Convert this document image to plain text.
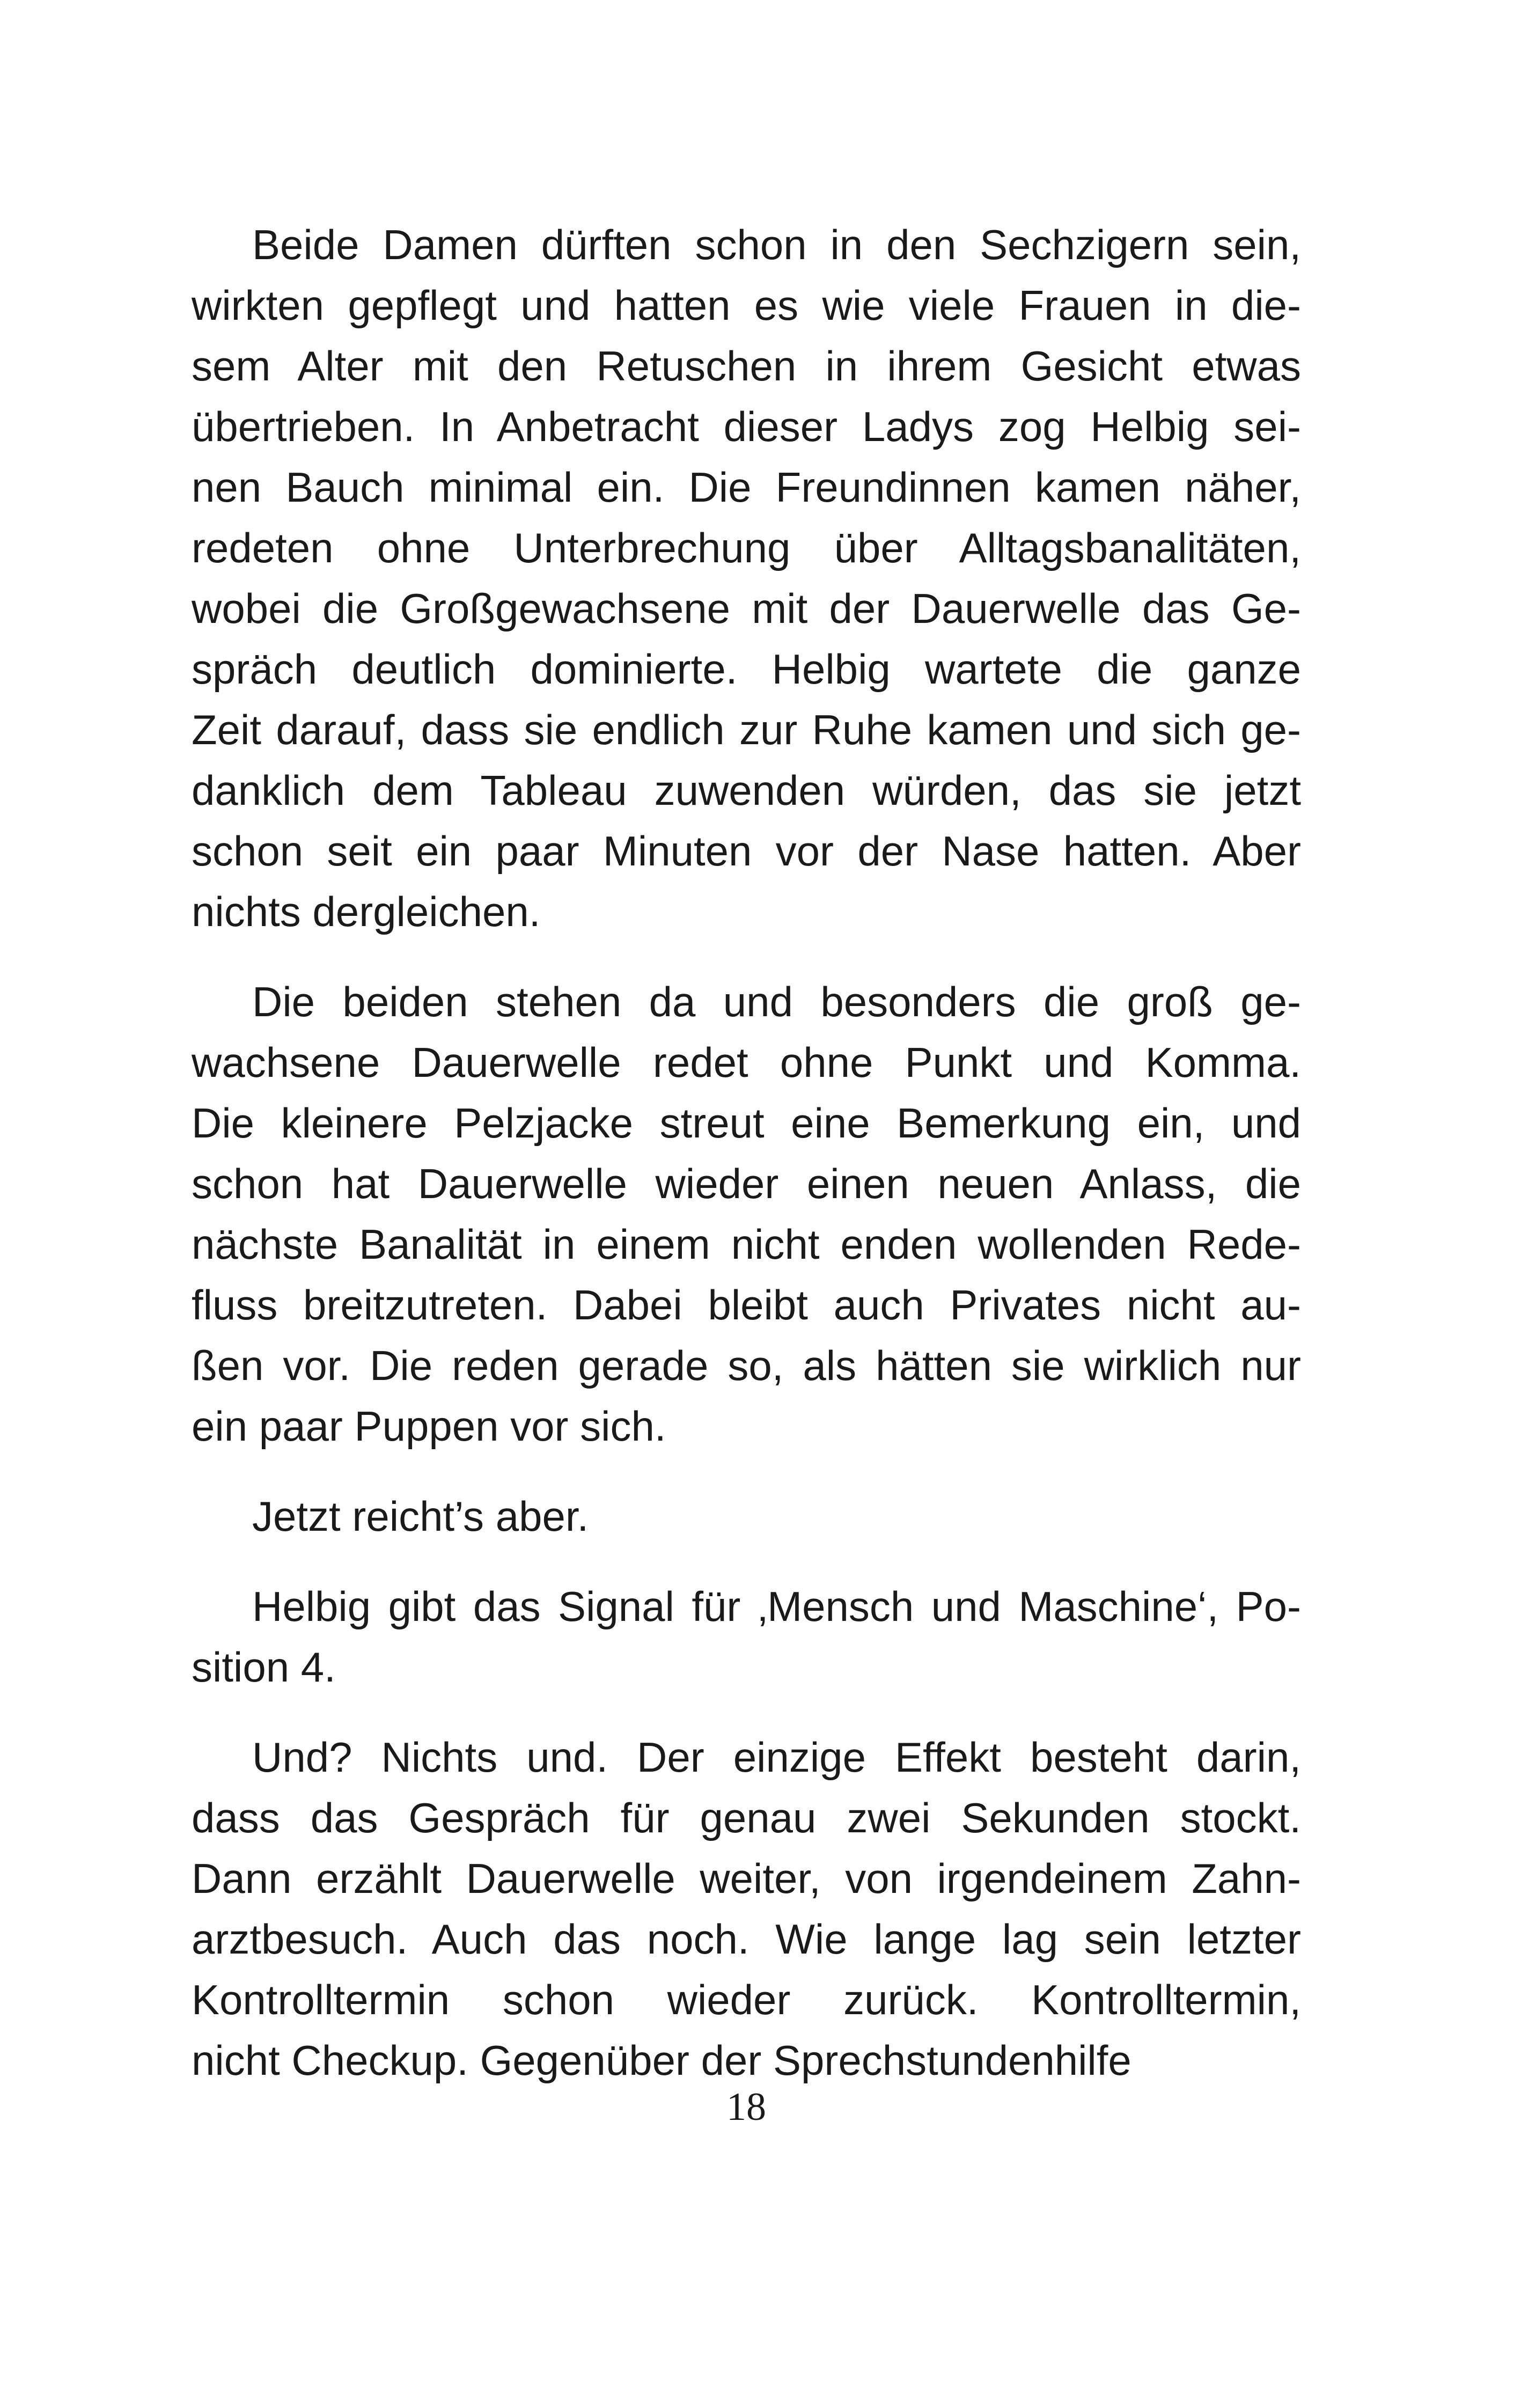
Beide Damen dürften schon in den Sechzigern sein,
wirkten gepflegt und hatten es wie viele Frauen in die-
sem Alter mit den Retuschen in ihrem Gesicht etwas
übertrieben. In Anbetracht dieser Ladys zog Helbig sei-
nen Bauch minimal ein. Die Freundinnen kamen näher,
redeten ohne Unterbrechung über Alltagsbanalitäten,
wobei die Großgewachsene mit der Dauerwelle das Ge-
spräch deutlich dominierte. Helbig wartete die ganze
Zeit darauf, dass sie endlich zur Ruhe kamen und sich ge-
danklich dem Tableau zuwenden würden, das sie jetzt
schon seit ein paar Minuten vor der Nase hatten. Aber
nichts dergleichen.
Die beiden stehen da und besonders die groß ge-
wachsene Dauerwelle redet ohne Punkt und Komma.
Die kleinere Pelzjacke streut eine Bemerkung ein, und
schon hat Dauerwelle wieder einen neuen Anlass, die
nächste Banalität in einem nicht enden wollenden Rede-
fluss breitzutreten. Dabei bleibt auch Privates nicht au-
ßen vor. Die reden gerade so, als hätten sie wirklich nur
ein paar Puppen vor sich.
Jetzt reicht’s aber.
Helbig gibt das Signal für ‚Mensch und Maschine‘, Po-
sition 4.
Und? Nichts und. Der einzige Effekt besteht darin,
dass das Gespräch für genau zwei Sekunden stockt.
Dann erzählt Dauerwelle weiter, von irgendeinem Zahn-
arztbesuch. Auch das noch. Wie lange lag sein letzter
Kontrolltermin schon wieder zurück. Kontrolltermin,
nicht Checkup. Gegenüber der Sprechstundenhilfe
18
